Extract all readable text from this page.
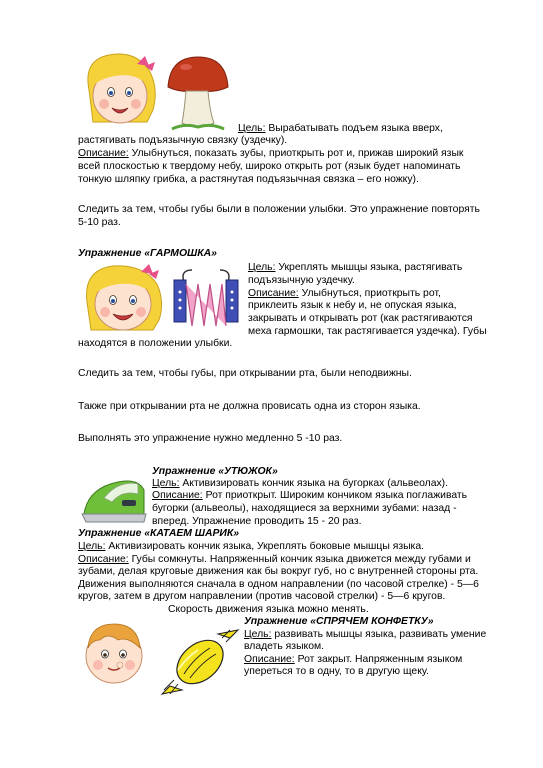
Цель: Вырабатывать подъем языка вверх,
растягивать подъязычную связку (уздечку).
Описание: Улыбнуться, показать зубы, приоткрыть рот и, прижав широкий язык
всей плоскостью к твердому небу, широко открыть рот (язык будет напоминать
тонкую шляпку грибка, а растянутая подъязычная связка – его ножку).
Следить за тем, чтобы губы были в положении улыбки. Это упражнение повторять
5-10 раз.
Упражнение «ГАРМОШКА»
Цель: Укреплять мышцы языка, растягивать
подъязычную уздечку.
Описание: Улыбнуться, приоткрыть рот,
приклеить язык к небу и, не опуская языка,
закрывать и открывать рот (как растягиваются
меха гармошки, так растягивается уздечка). Губы
находятся в положении улыбки.
Следить за тем, чтобы губы, при открывании рта, были неподвижны.
Также при открывании рта не должна провисать одна из сторон языка.
Выполнять это упражнение нужно медленно 5 -10 раз.
Упражнение «УТЮЖОК»
Цель: Активизировать кончик языка на бугорках (альвеолах).
Описание: Рот приоткрыт. Широким кончиком языка поглаживать
бугорки (альвеолы), находящиеся за верхними зубами: назад -
вперед. Упражнение проводить 15 - 20 раз.
Упражнение «КАТАЕМ ШАРИК»
Цель: Активизировать кончик языка, Укреплять боковые мышцы языка.
Описание: Губы сомкнуты. Напряженный кончик языка движется между губами и
зубами, делая круговые движения как бы вокруг губ, но с внутренней стороны рта.
Движения выполняются сначала в одном направлении (по часовой стрелке) - 5—6
кругов, затем в другом направлении (против часовой стрелки) - 5—6 кругов.
Скорость движения языка можно менять.
Упражнение «СПРЯЧЕМ КОНФЕТКУ»
Цель: развивать мышцы языка, развивать умение
владеть языком.
Описание: Рот закрыт. Напряженным языком
упереться то в одну, то в другую щеку.
